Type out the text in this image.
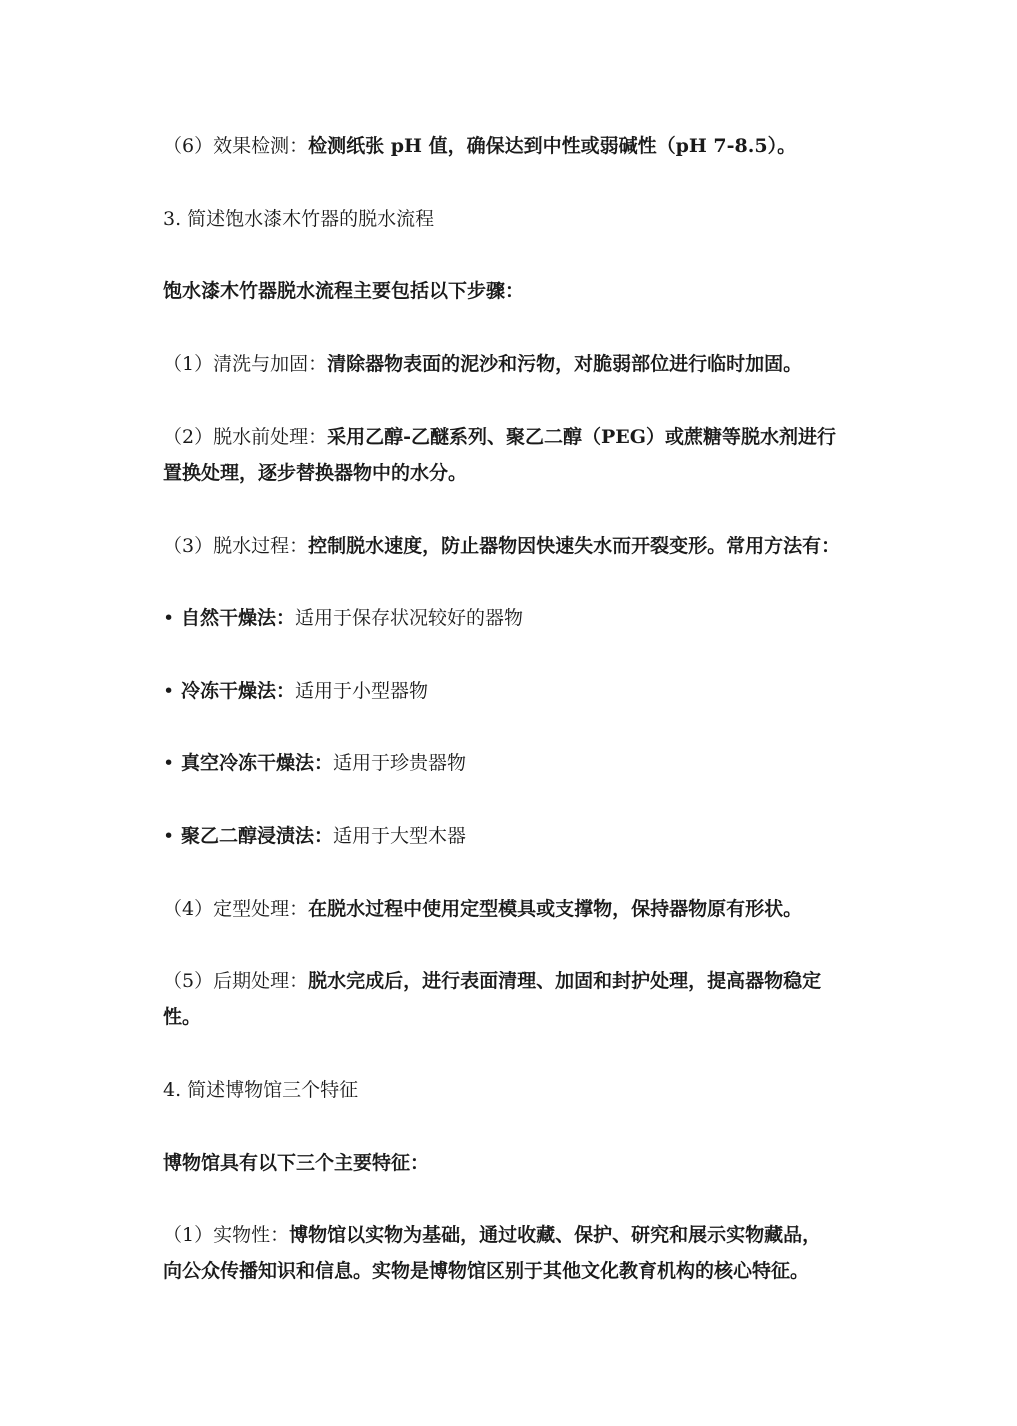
（6）效果检测：检测纸张 pH 值，确保达到中性或弱碱性（pH 7-8.5）。
3. 简述饱水漆木竹器的脱水流程
饱水漆木竹器脱水流程主要包括以下步骤：
（1）清洗与加固：清除器物表面的泥沙和污物，对脆弱部位进行临时加固。
（2）脱水前处理：采用乙醇-乙醚系列、聚乙二醇（PEG）或蔗糖等脱水剂进行
置换处理，逐步替换器物中的水分。
（3）脱水过程：控制脱水速度，防止器物因快速失水而开裂变形。常用方法有：
• 自然干燥法：适用于保存状况较好的器物
• 冷冻干燥法：适用于小型器物
• 真空冷冻干燥法：适用于珍贵器物
• 聚乙二醇浸渍法：适用于大型木器
（4）定型处理：在脱水过程中使用定型模具或支撑物，保持器物原有形状。
（5）后期处理：脱水完成后，进行表面清理、加固和封护处理，提高器物稳定
性。
4. 简述博物馆三个特征
博物馆具有以下三个主要特征：
（1）实物性：博物馆以实物为基础，通过收藏、保护、研究和展示实物藏品，
向公众传播知识和信息。实物是博物馆区别于其他文化教育机构的核心特征。
